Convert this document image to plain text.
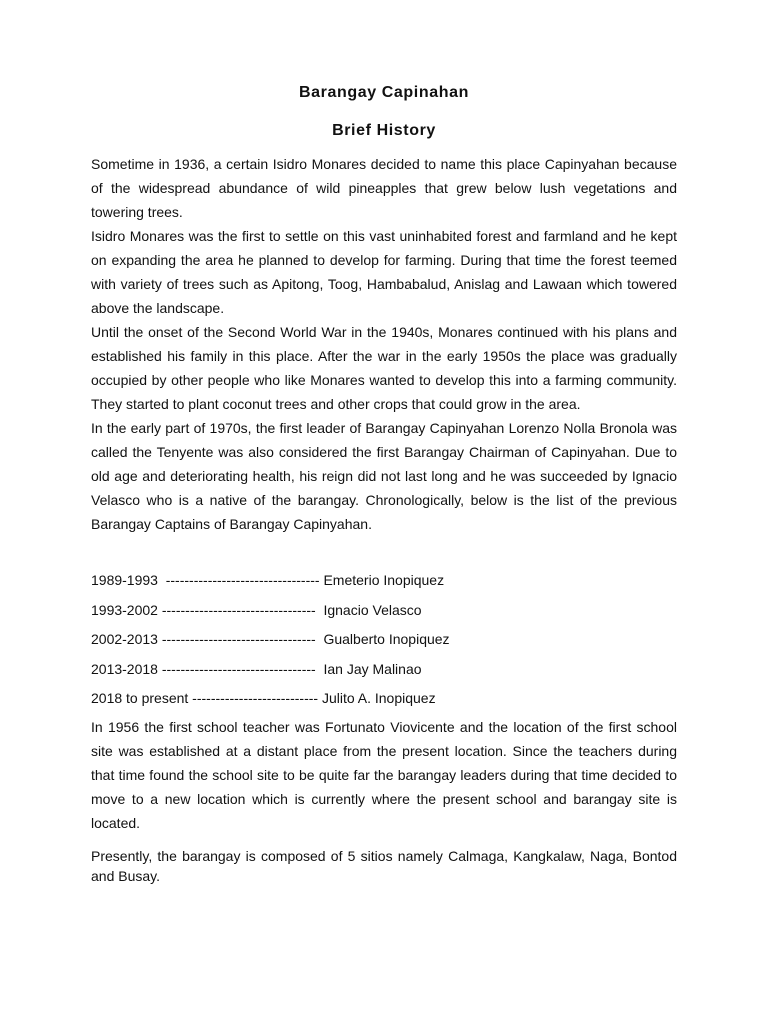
Barangay Capinahan
Brief History

Sometime in 1936, a certain Isidro Monares decided to name this place Capinyahan because of the widespread abundance of wild pineapples that grew below lush vegetations and towering trees.

Isidro Monares was the first to settle on this vast uninhabited forest and farmland and he kept on expanding the area he planned to develop for farming. During that time the forest teemed with variety of trees such as Apitong, Toog, Hambabalud, Anislag and Lawaan which towered above the landscape.

Until the onset of the Second World War in the 1940s, Monares continued with his plans and established his family in this place. After the war in the early 1950s the place was gradually occupied by other people who like Monares wanted to develop this into a farming community. They started to plant coconut trees and other crops that could grow in the area.

In the early part of 1970s, the first leader of Barangay Capinyahan Lorenzo Nolla Bronola was called the Tenyente was also considered the first Barangay Chairman of Capinyahan. Due to old age and deteriorating health, his reign did not last long and he was succeeded by Ignacio Velasco who is a native of the barangay. Chronologically, below is the list of the previous Barangay Captains of Barangay Capinyahan.

1989-1993  --------------------------------- Emeterio Inopiquez
1993-2002 ---------------------------------  Ignacio Velasco
2002-2013 ---------------------------------  Gualberto Inopiquez
2013-2018 ---------------------------------  Ian Jay Malinao
2018 to present --------------------------- Julito A. Inopiquez

In 1956 the first school teacher was Fortunato Viovicente and the location of the first school site was established at a distant place from the present location. Since the teachers during that time found the school site to be quite far the barangay leaders during that time decided to move to a new location which is currently where the present school and barangay site is located.

Presently, the barangay is composed of 5 sitios namely Calmaga, Kangkalaw, Naga, Bontod and Busay.
